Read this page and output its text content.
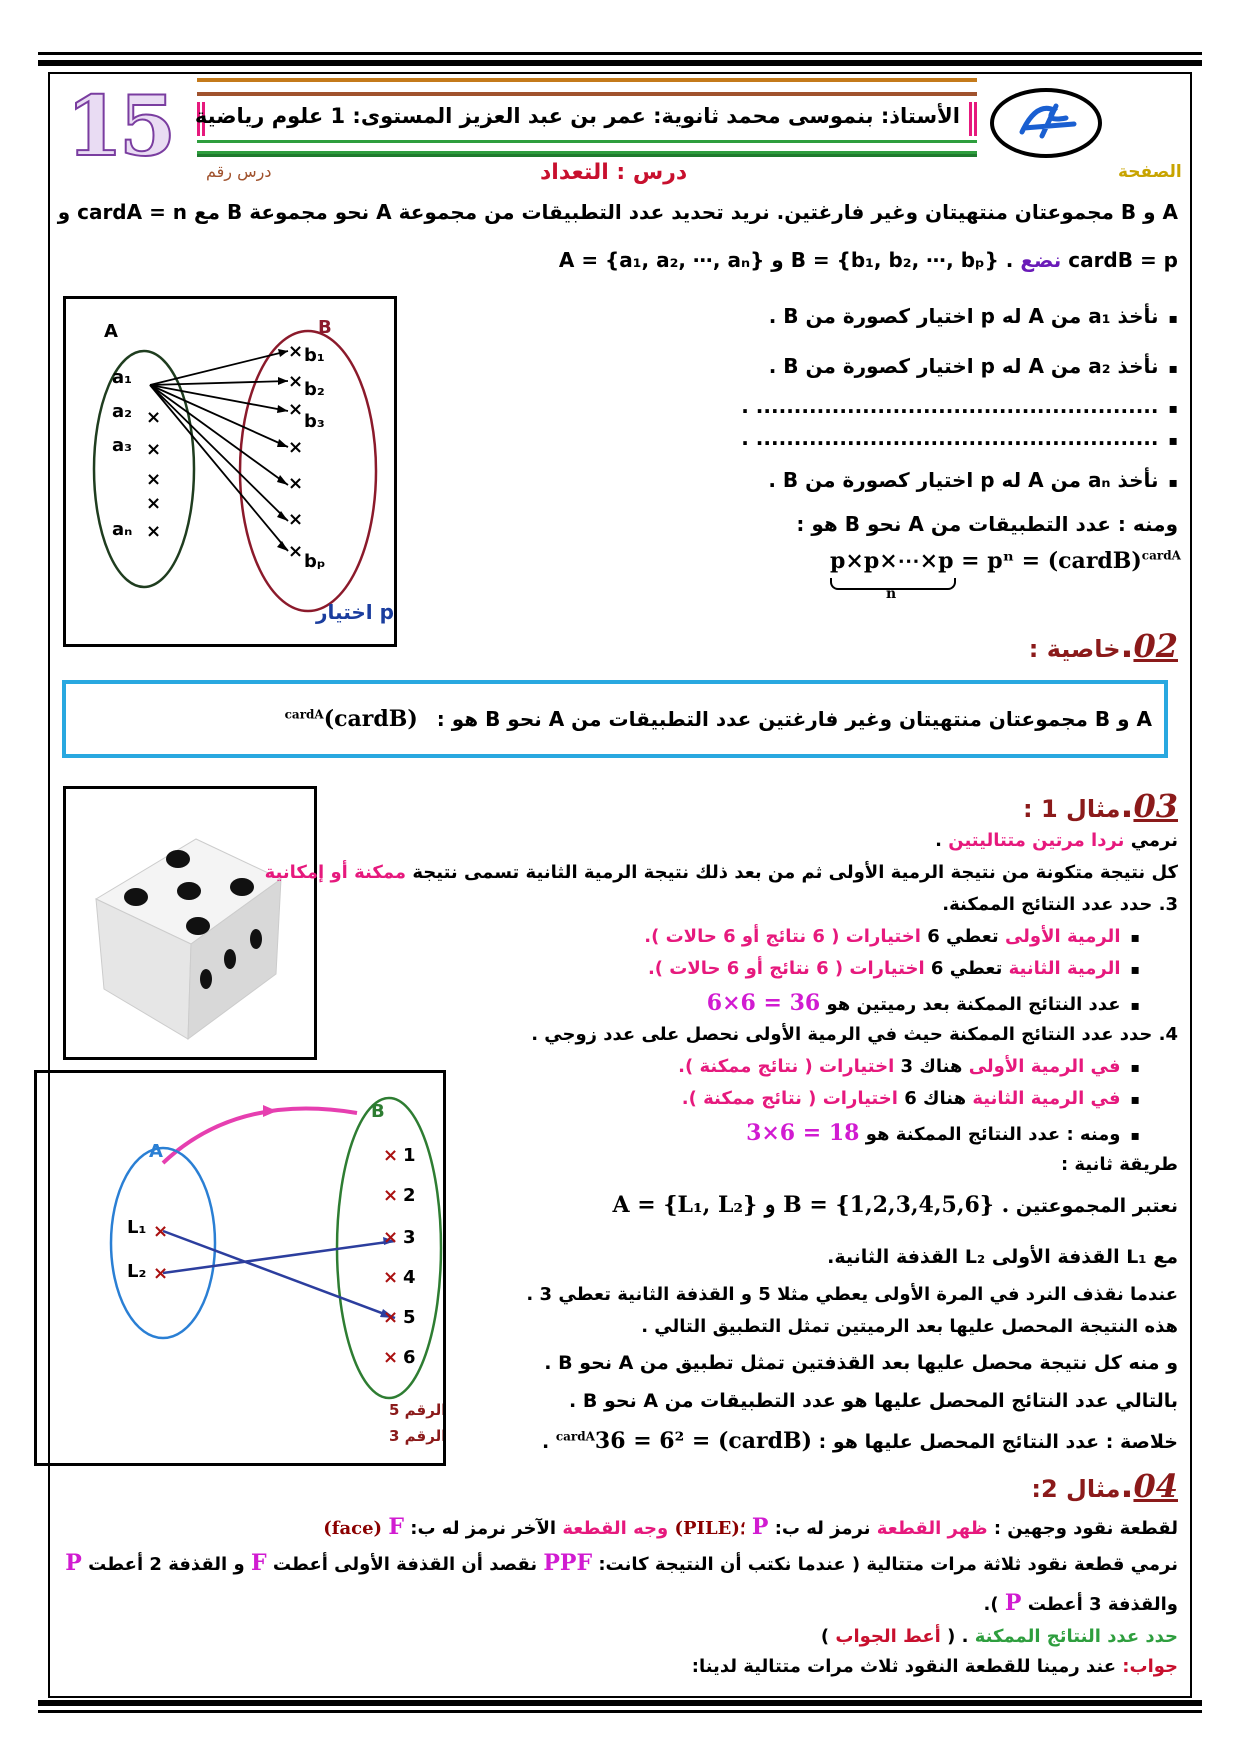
15 الأستاذ: بنموسى محمد ثانوية: عمر بن عبد العزيز المستوى: 1 علوم رياضية
درس : التعداد	الصفحة
درس رقم
A و B مجموعتان منتهيتان وغير فارغتين. نريد تحديد عدد التطبيقات من مجموعة A نحو مجموعة B مع cardA = n و
cardB = p نضع . B = {b₁, b₂, ⋯, bₚ} و A = {a₁, a₂, ⋯, aₙ}
A	B
a₁
a₂
a₃
aₙ
×
×
×
×
×
×
×
×
×
×
×
×
b₁
b₂
b₃
bₚ
p اختيار
▪ نأخذ a₁ من A له p اختيار كصورة من B .
▪ نأخذ a₂ من A له p اختيار كصورة من B .
▪ ..................................................... .
▪ ..................................................... .
▪ نأخذ aₙ من A له p اختيار كصورة من B .
ومنه : عدد التطبيقات من A نحو B هو :
p×p×⋯×p = pⁿ = (cardB)$^{cardA}$
n
02.خاصية :
A و B مجموعتان منتهيتان وغير فارغتين عدد التطبيقات من A نحو B هو : (cardB)$^{cardA}$
03.مثال 1 :
نرمي نردا مرتين متتاليتين .
كل نتيجة متكونة من نتيجة الرمية الأولى ثم من بعد ذلك نتيجة الرمية الثانية تسمى نتيجة ممكنة أو إمكانية
3. حدد عدد النتائج الممكنة.
▪ الرمية الأولى تعطي 6 اختيارات ( 6 نتائج أو 6 حالات ).
▪ الرمية الثانية تعطي 6 اختيارات ( 6 نتائج أو 6 حالات ).
▪ عدد النتائج الممكنة بعد رميتين هو 6×6 = 36
4. حدد عدد النتائج الممكنة حيث في الرمية الأولى نحصل على عدد زوجي .
▪ في الرمية الأولى هناك 3 اختيارات ( نتائج ممكنة ).
▪ في الرمية الثانية هناك 6 اختيارات ( نتائج ممكنة ).
▪ ومنه : عدد النتائج الممكنة هو 3×6 = 18
طريقة ثانية :
نعتبر المجموعتين A = {L₁, L₂} و B = {1,2,3,4,5,6} .
مع L₁ القذفة الأولى L₂ القذفة الثانية.
عندما نقذف النرد في المرة الأولى يعطي مثلا 5 و القذفة الثانية تعطي 3 .
هذه النتيجة المحصل عليها بعد الرميتين تمثل التطبيق التالي .
و منه كل نتيجة محصل عليها بعد القذفتين تمثل تطبيق من A نحو B .
بالتالي عدد النتائج المحصل عليها هو عدد التطبيقات من A نحو B .
خلاصة : عدد النتائج المحصل عليها هو : 36 = 6² = (cardB)$^{cardA}$ .
A
B
L₁
L₂
×
×
×
×
×
×
×
×
1
2
3
4
5
6
الرقم 5
الرقم 3
04.مثال 2:
لقطعة نقود وجهين : ظهر القطعة نرمز له ب: P (PILE)؛ وجه القطعة الآخر نرمز له ب: F (face)
نرمي قطعة نقود ثلاثة مرات متتالية ( عندما نكتب أن النتيجة كانت: PPF نقصد أن القذفة الأولى أعطت F و القذفة 2 أعطت P
والقذفة 3 أعطت P ).
حدد عدد النتائج الممكنة . ( أعط الجواب )
جواب: عند رمينا للقطعة النقود ثلاث مرات متتالية لدينا:
